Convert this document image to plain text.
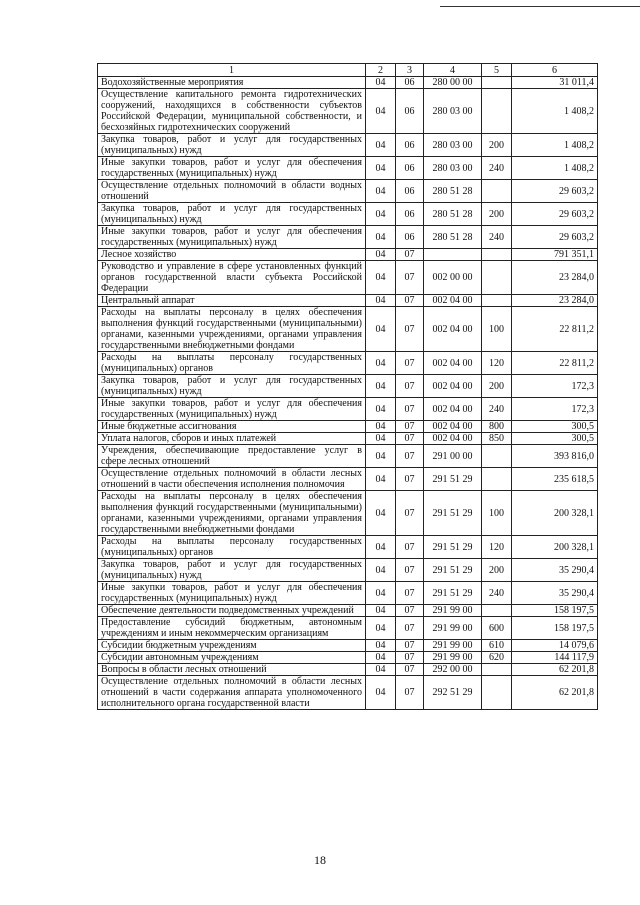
1	2	3	4	5	6
Водохозяйственные мероприятия	04	06	280 00 00		31 011,4
Осуществление капитального ремонта гидротехнических сооружений, находящихся в собственности субъектов Российской Федерации, муниципальной собственности, и бесхозяйных гидротехнических сооружений	04	06	280 03 00		1 408,2
Закупка товаров, работ и услуг для государственных (муниципальных) нужд	04	06	280 03 00	200	1 408,2
Иные закупки товаров, работ и услуг для обеспечения государственных (муниципальных) нужд	04	06	280 03 00	240	1 408,2
Осуществление отдельных полномочий в области водных отношений	04	06	280 51 28		29 603,2
Закупка товаров, работ и услуг для государственных (муниципальных) нужд	04	06	280 51 28	200	29 603,2
Иные закупки товаров, работ и услуг для обеспечения государственных (муниципальных) нужд	04	06	280 51 28	240	29 603,2
Лесное хозяйство	04	07			791 351,1
Руководство и управление в сфере установленных функций органов государственной власти субъекта Российской Федерации	04	07	002 00 00		23 284,0
Центральный аппарат	04	07	002 04 00		23 284,0
Расходы на выплаты персоналу в целях обеспечения выполнения функций государственными (муниципальными) органами, казенными учреждениями, органами управления государственными внебюджетными фондами	04	07	002 04 00	100	22 811,2
Расходы на выплаты персоналу государственных (муниципальных) органов	04	07	002 04 00	120	22 811,2
Закупка товаров, работ и услуг для государственных (муниципальных) нужд	04	07	002 04 00	200	172,3
Иные закупки товаров, работ и услуг для обеспечения государственных (муниципальных) нужд	04	07	002 04 00	240	172,3
Иные бюджетные ассигнования	04	07	002 04 00	800	300,5
Уплата налогов, сборов и иных платежей	04	07	002 04 00	850	300,5
Учреждения, обеспечивающие предоставление услуг в сфере лесных отношений	04	07	291 00 00		393 816,0
Осуществление отдельных полномочий в области лесных отношений в части обеспечения исполнения полномочия	04	07	291 51 29		235 618,5
Расходы на выплаты персоналу в целях обеспечения выполнения функций государственными (муниципальными) органами, казенными учреждениями, органами управления государственными внебюджетными фондами	04	07	291 51 29	100	200 328,1
Расходы на выплаты персоналу государственных (муниципальных) органов	04	07	291 51 29	120	200 328,1
Закупка товаров, работ и услуг для государственных (муниципальных) нужд	04	07	291 51 29	200	35 290,4
Иные закупки товаров, работ и услуг для обеспечения государственных (муниципальных) нужд	04	07	291 51 29	240	35 290,4
Обеспечение деятельности подведомственных учреждений	04	07	291 99 00		158 197,5
Предоставление субсидий бюджетным, автономным учреждениям и иным некоммерческим организациям	04	07	291 99 00	600	158 197,5
Субсидии бюджетным учреждениям	04	07	291 99 00	610	14 079,6
Субсидии автономным учреждениям	04	07	291 99 00	620	144 117,9
Вопросы в области лесных отношений	04	07	292 00 00		62 201,8
Осуществление отдельных полномочий в области лесных отношений в части содержания аппарата уполномоченного исполнительного органа государственной власти	04	07	292 51 29		62 201,8
18
